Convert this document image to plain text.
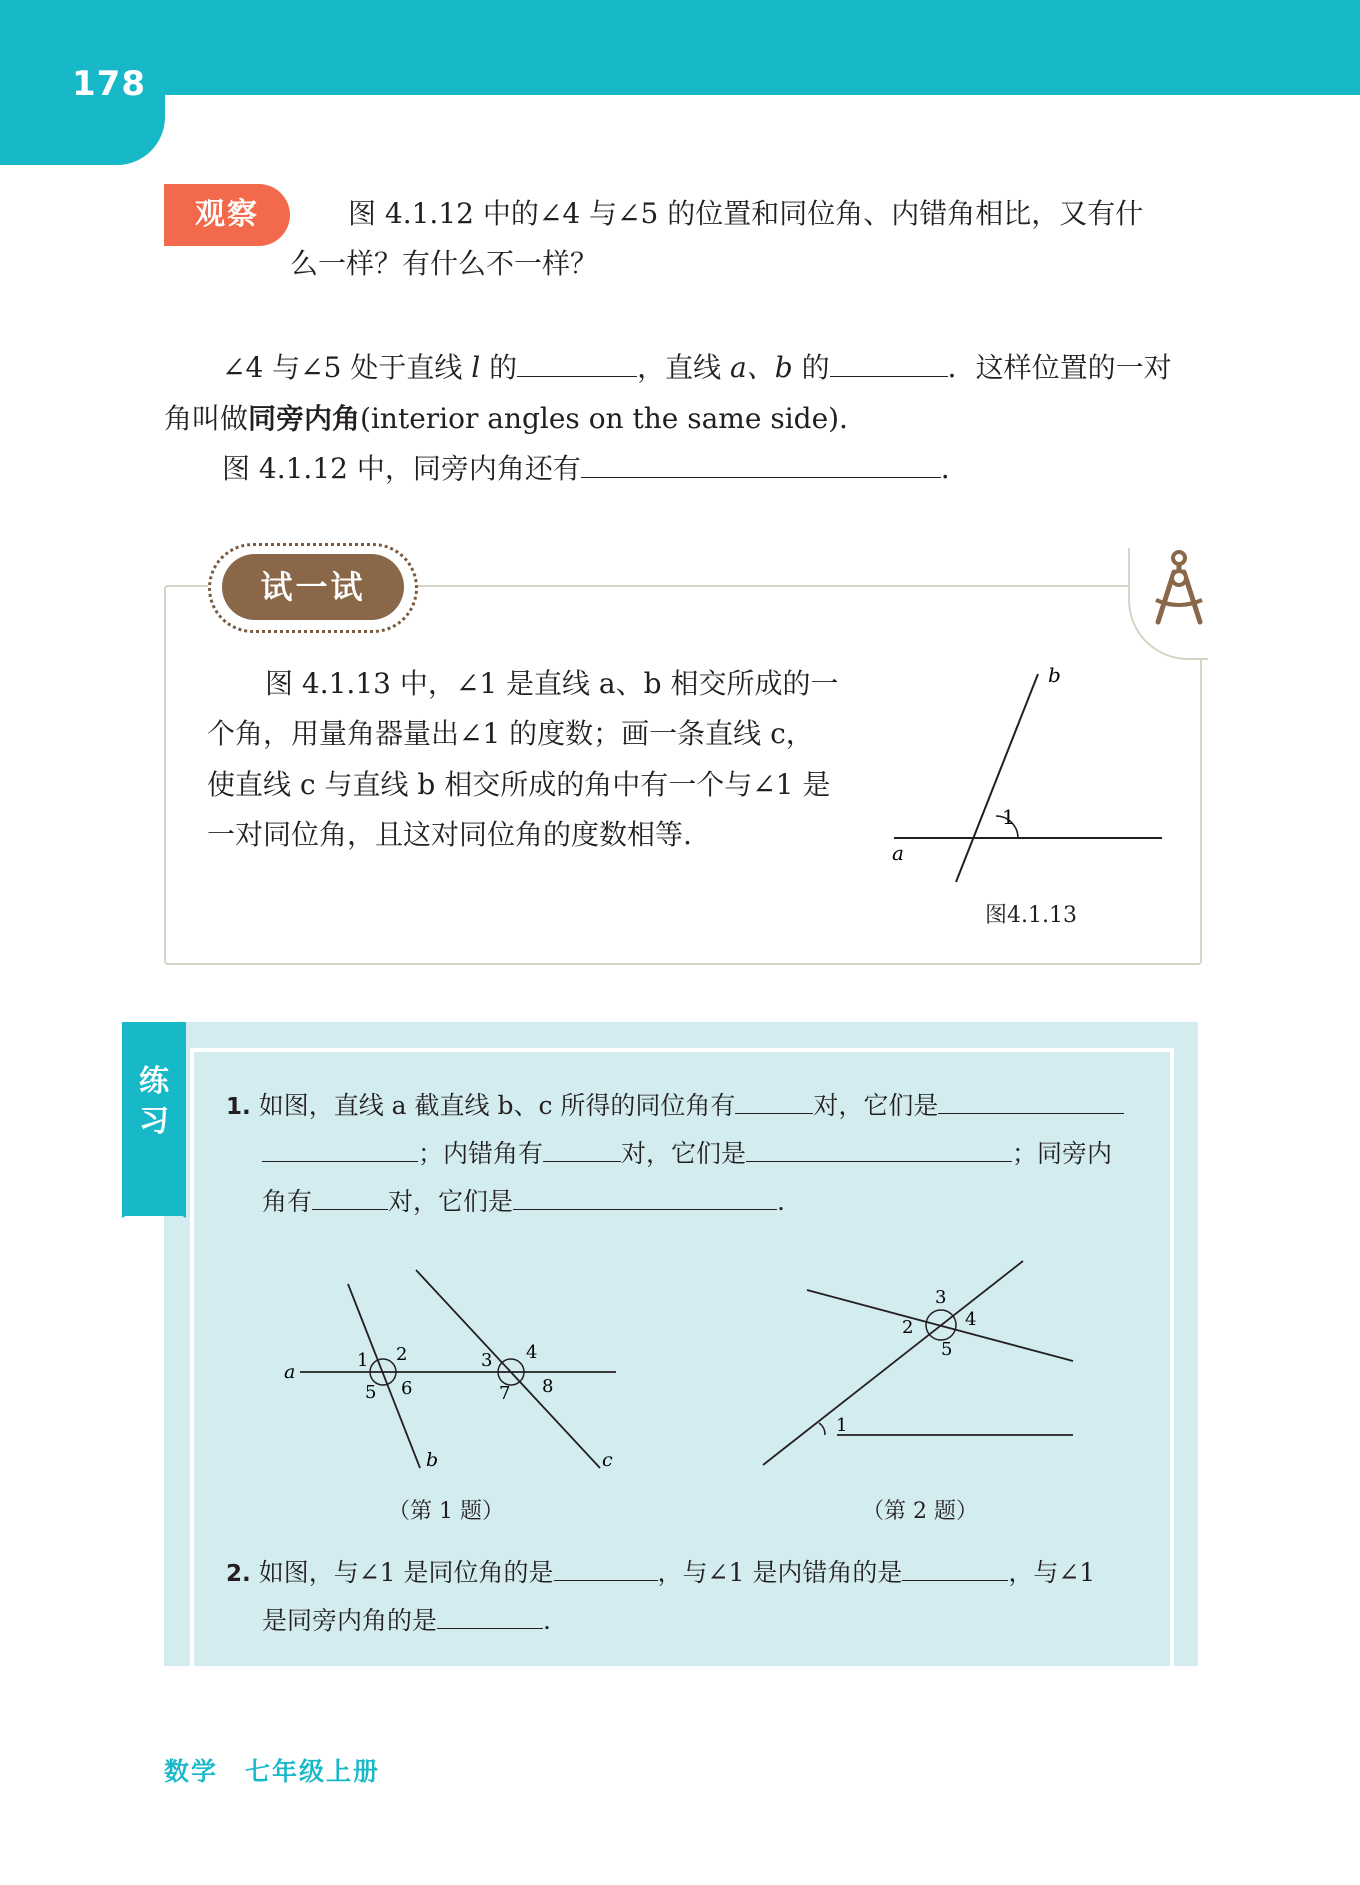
178
观察	图 4.1.12 中的∠4 与∠5 的位置和同位角、内错角相比，又有什
么一样？有什么不一样？
∠4 与∠5 处于直线 l 的	，直线 a、b 的	．这样位置的一对
角叫做同旁内角(interior angles on the same side)．
图 4.1.12 中，同旁内角还有	．
试一试
图 4.1.13 中，∠1 是直线 a、b 相交所成的一
个角，用量角器量出∠1 的度数；画一条直线 c，
使直线 c 与直线 b 相交所成的角中有一个与∠1 是
一对同位角，且这对同位角的度数相等.
a
b
1
图4.1.13
练
习	1. 如图，直线 a 截直线 b、c 所得的同位角有	对，它们是
；内错角有	对，它们是	；同旁内
角有	对，它们是	.
a
b	c
1 2
5 6
3 4
7 8
（第 1 题）
3
2	4
5
1
（第 2 题）
2. 如图，与∠1 是同位角的是	，与∠1 是内错角的是	，与∠1
是同旁内角的是	.
数学　七年级上册
